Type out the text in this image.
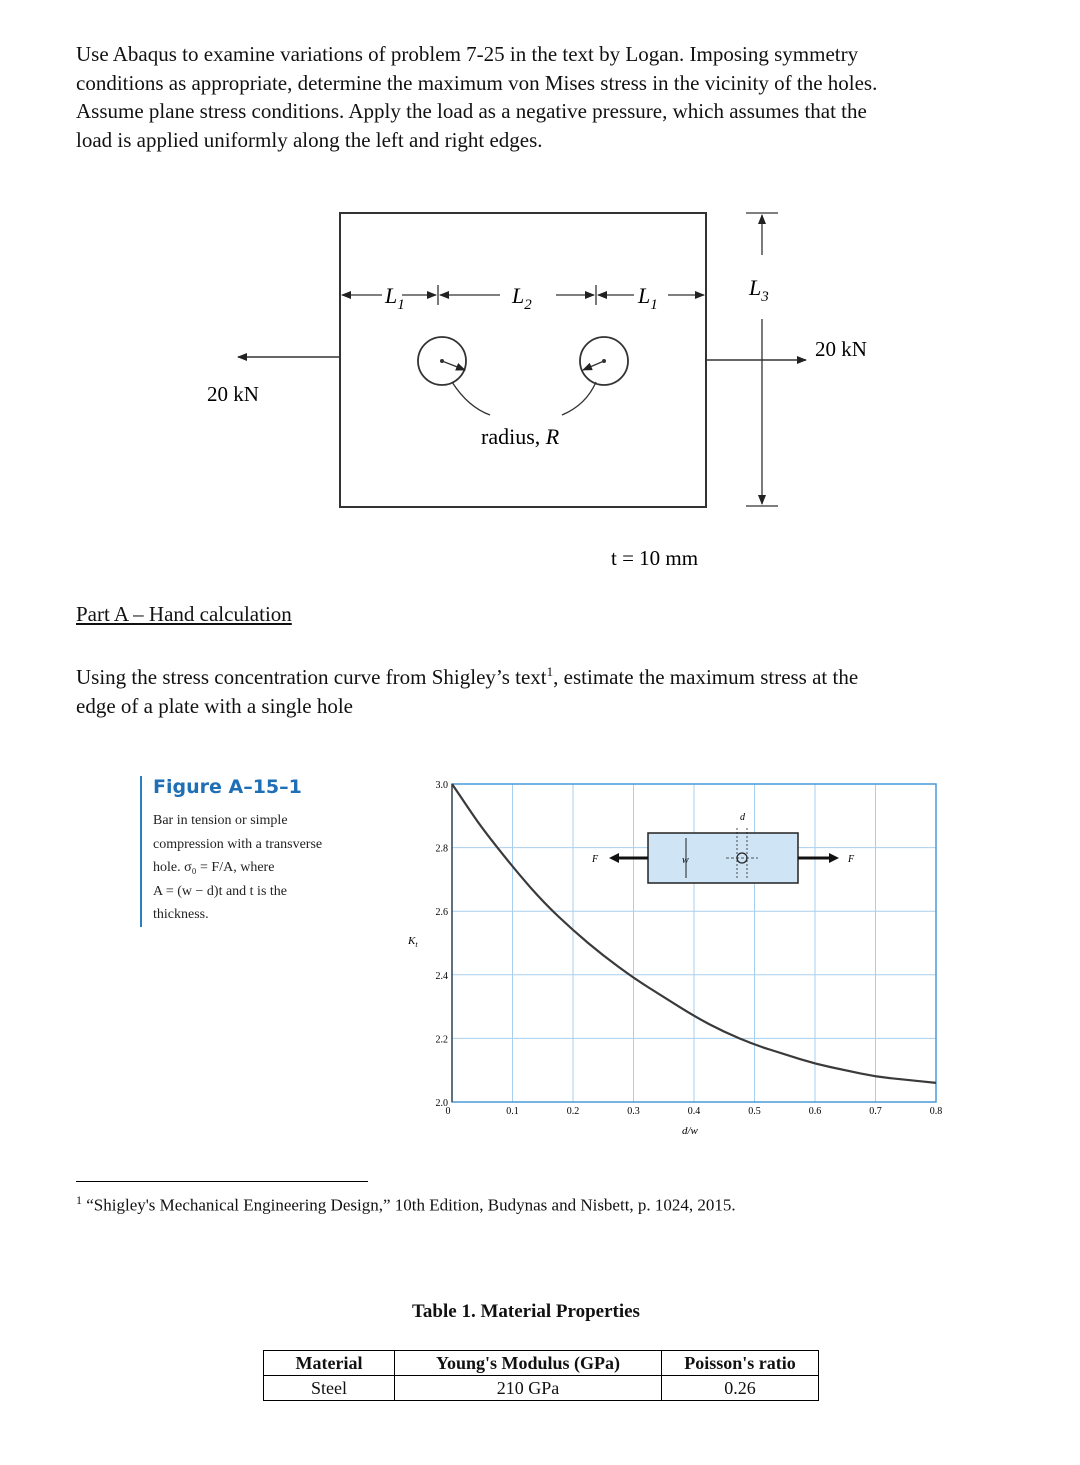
Use Abaqus to examine variations of problem 7-25 in the text by Logan. Imposing symmetry
conditions as appropriate, determine the maximum von Mises stress in the vicinity of the holes.
Assume plane stress conditions. Apply the load as a negative pressure, which assumes that the
load is applied uniformly along the left and right edges.
20 kN
20 kN
$L_1$	$L_2$	$L_1$
radius, R
$L_3$
t = 10 mm
Part A – Hand calculation
Using the stress concentration curve from Shigley’s text$^1$, estimate the maximum stress at the
edge of a plate with a single hole
Figure A–15–1
Bar in tension or simple
compression with a transverse
hole. σ₀ = F/A, where
A = (w − d)t and t is the
thickness.
F	F
w
d
0	0.1	0.2	0.3	0.4	0.5	0.6	0.7	0.8
2.0
2.2
2.4
2.6
2.8
3.0
$K_t$
d/w
$^1$ “Shigley's Mechanical Engineering Design,” 10th Edition, Budynas and Nisbett, p. 1024, 2015.
Table 1. Material Properties
Material	Young's Modulus (GPa)	Poisson's ratio
Steel	210 GPa	0.26
